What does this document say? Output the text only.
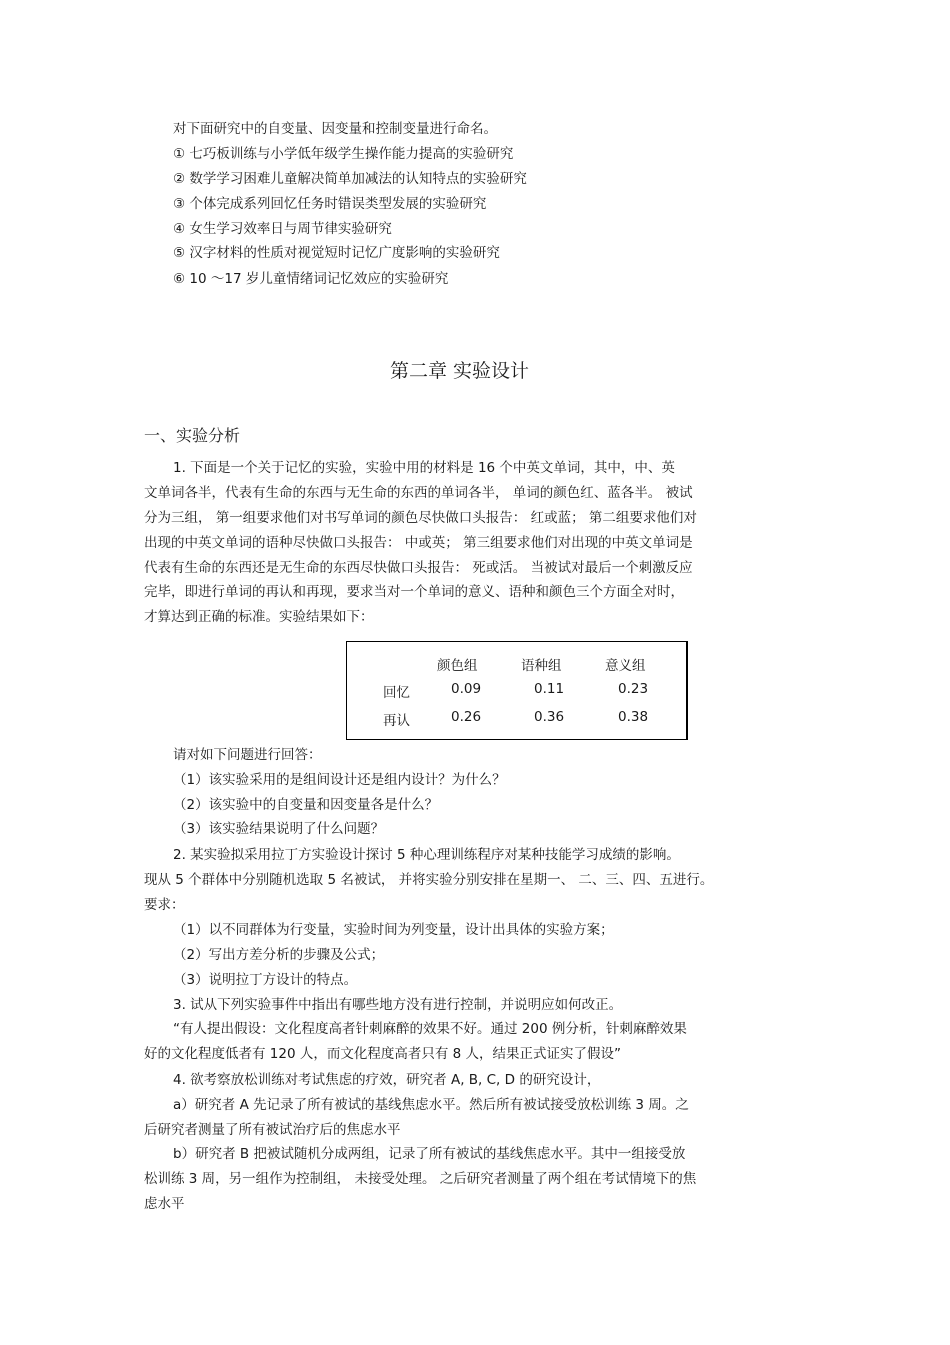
对下面研究中的自变量、因变量和控制变量进行命名。
① 七巧板训练与小学低年级学生操作能力提高的实验研究
② 数学学习困难儿童解决简单加减法的认知特点的实验研究
③ 个体完成系列回忆任务时错误类型发展的实验研究
④ 女生学习效率日与周节律实验研究
⑤ 汉字材料的性质对视觉短时记忆广度影响的实验研究
⑥ 10 ～17 岁儿童情绪词记忆效应的实验研究
第二章 实验设计
一、实验分析
1. 下面是一个关于记忆的实验，实验中用的材料是 16 个中英文单词，其中，中、英
文单词各半，代表有生命的东西与无生命的东西的单词各半， 单词的颜色红、蓝各半。 被试
分为三组， 第一组要求他们对书写单词的颜色尽快做口头报告： 红或蓝； 第二组要求他们对
出现的中英文单词的语种尽快做口头报告： 中或英； 第三组要求他们对出现的中英文单词是
代表有生命的东西还是无生命的东西尽快做口头报告： 死或活。 当被试对最后一个刺激反应
完毕，即进行单词的再认和再现，要求当对一个单词的意义、语种和颜色三个方面全对时，
才算达到正确的标准。实验结果如下：
颜色组	语种组	意义组
回忆	0.09	0.11	0.23
再认	0.26	0.36	0.38
请对如下问题进行回答：
（1）该实验采用的是组间设计还是组内设计？为什么？
（2）该实验中的自变量和因变量各是什么？
（3）该实验结果说明了什么问题？
2. 某实验拟采用拉丁方实验设计探讨 5 种心理训练程序对某种技能学习成绩的影响。
现从 5 个群体中分别随机选取 5 名被试， 并将实验分别安排在星期一、 二、三、四、五进行。
要求：
（1）以不同群体为行变量，实验时间为列变量，设计出具体的实验方案；
（2）写出方差分析的步骤及公式；
（3）说明拉丁方设计的特点。
3. 试从下列实验事件中指出有哪些地方没有进行控制，并说明应如何改正。
“有人提出假设：文化程度高者针刺麻醉的效果不好。通过 200 例分析，针刺麻醉效果
好的文化程度低者有 120 人，而文化程度高者只有 8 人，结果正式证实了假设”
4. 欲考察放松训练对考试焦虑的疗效，研究者 A, B, C, D 的研究设计，
a）研究者 A 先记录了所有被试的基线焦虑水平。然后所有被试接受放松训练 3 周。之
后研究者测量了所有被试治疗后的焦虑水平
b）研究者 B 把被试随机分成两组，记录了所有被试的基线焦虑水平。其中一组接受放
松训练 3 周，另一组作为控制组， 未接受处理。 之后研究者测量了两个组在考试情境下的焦
虑水平
